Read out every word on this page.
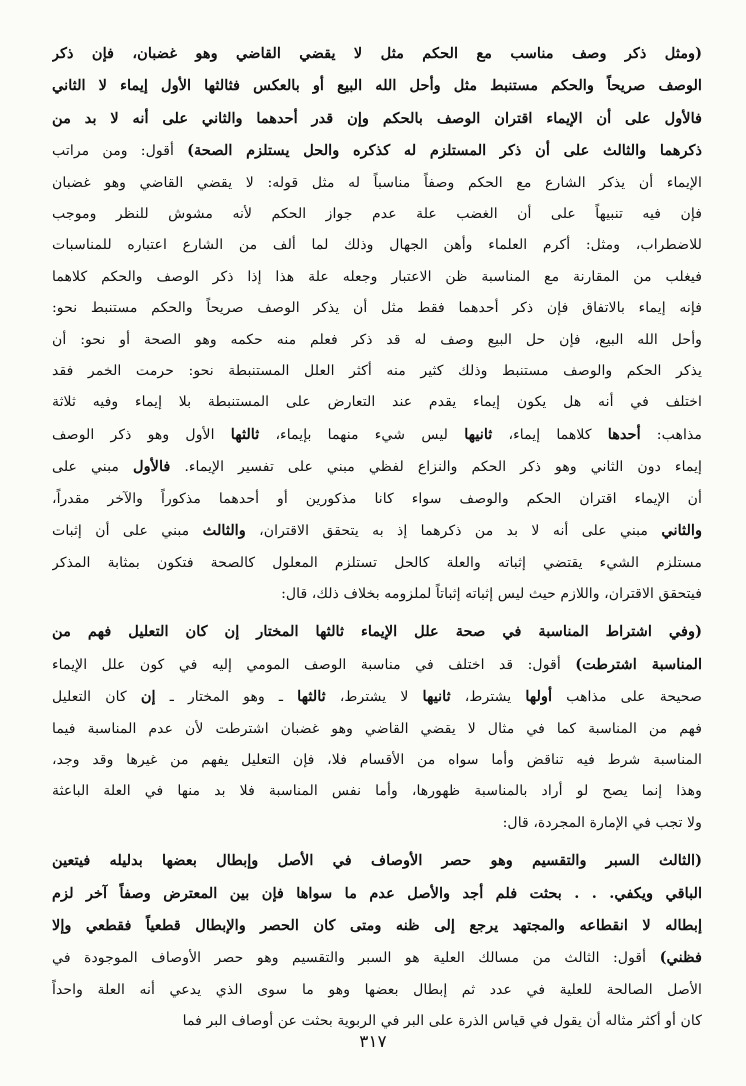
(ومثل ذكر وصف مناسب مع الحكم مثل لا يقضي القاضي وهو غضبان، فإن ذكر
الوصف صريحاً والحكم مستنبط مثل وأحل الله البيع أو بالعكس فثالثها الأول إيماء لا الثاني
فالأول على أن الإيماء اقتران الوصف بالحكم وإن قدر أحدهما والثاني على أنه لا بد من
ذكرهما والثالث على أن ذكر المستلزم له كذكره والحل يستلزم الصحة) أقول: ومن مراتب
الإيماء أن يذكر الشارع مع الحكم وصفاً مناسباً له مثل قوله: لا يقضي القاضي وهو غضبان
فإن فيه تنبيهاً على أن الغضب علة عدم جواز الحكم لأنه مشوش للنظر وموجب
للاضطراب، ومثل: أكرم العلماء وأهن الجهال وذلك لما ألف من الشارع اعتباره للمناسبات
فيغلب من المقارنة مع المناسبة ظن الاعتبار وجعله علة هذا إذا ذكر الوصف والحكم كلاهما
فإنه إيماء بالاتفاق فإن ذكر أحدهما فقط مثل أن يذكر الوصف صريحاً والحكم مستنبط نحو:
وأحل الله البيع، فإن حل البيع وصف له قد ذكر فعلم منه حكمه وهو الصحة أو نحو: أن
يذكر الحكم والوصف مستنبط وذلك كثير منه أكثر العلل المستنبطة نحو: حرمت الخمر فقد
اختلف في أنه هل يكون إيماء يقدم عند التعارض على المستنبطة بلا إيماء وفيه ثلاثة
مذاهب: أحدها كلاهما إيماء، ثانيها ليس شيء منهما بإيماء، ثالثها الأول وهو ذكر الوصف
إيماء دون الثاني وهو ذكر الحكم والنزاع لفظي مبني على تفسير الإيماء. فالأول مبني على
أن الإيماء اقتران الحكم والوصف سواء كانا مذكورين أو أحدهما مذكوراً والآخر مقدراً،
والثاني مبني على أنه لا بد من ذكرهما إذ به يتحقق الاقتران، والثالث مبني على أن إثبات
مستلزم الشيء يقتضي إثباته والعلة كالحل تستلزم المعلول كالصحة فتكون بمثابة المذكر
فيتحقق الاقتران، واللازم حيث ليس إثباته إثباتاً لملزومه بخلاف ذلك، قال:
(وفي اشتراط المناسبة في صحة علل الإيماء ثالثها المختار إن كان التعليل فهم من
المناسبة اشترطت) أقول: قد اختلف في مناسبة الوصف المومي إليه في كون علل الإيماء
صحيحة على مذاهب أولها يشترط، ثانيها لا يشترط، ثالثها ـ وهو المختار ـ إن كان التعليل
فهم من المناسبة كما في مثال لا يقضي القاضي وهو غضبان اشترطت لأن عدم المناسبة فيما
المناسبة شرط فيه تناقض وأما سواه من الأقسام فلا، فإن التعليل يفهم من غيرها وقد وجد،
وهذا إنما يصح لو أراد بالمناسبة ظهورها، وأما نفس المناسبة فلا بد منها في العلة الباعثة
ولا تجب في الإمارة المجردة، قال:
(الثالث السبر والتقسيم وهو حصر الأوصاف في الأصل وإبطال بعضها بدليله فيتعين
الباقي ويكفي. . . بحثت فلم أجد والأصل عدم ما سواها فإن بين المعترض وصفاً آخر لزم
إبطاله لا انقطاعه والمجتهد يرجع إلى ظنه ومتى كان الحصر والإبطال قطعياً فقطعي وإلا
فظني) أقول: الثالث من مسالك العلية هو السبر والتقسيم وهو حصر الأوصاف الموجودة في
الأصل الصالحة للعلية في عدد ثم إبطال بعضها وهو ما سوى الذي يدعي أنه العلة واحداً
كان أو أكثر مثاله أن يقول في قياس الذرة على البر في الربوية بحثت عن أوصاف البر فما
٣١٧
